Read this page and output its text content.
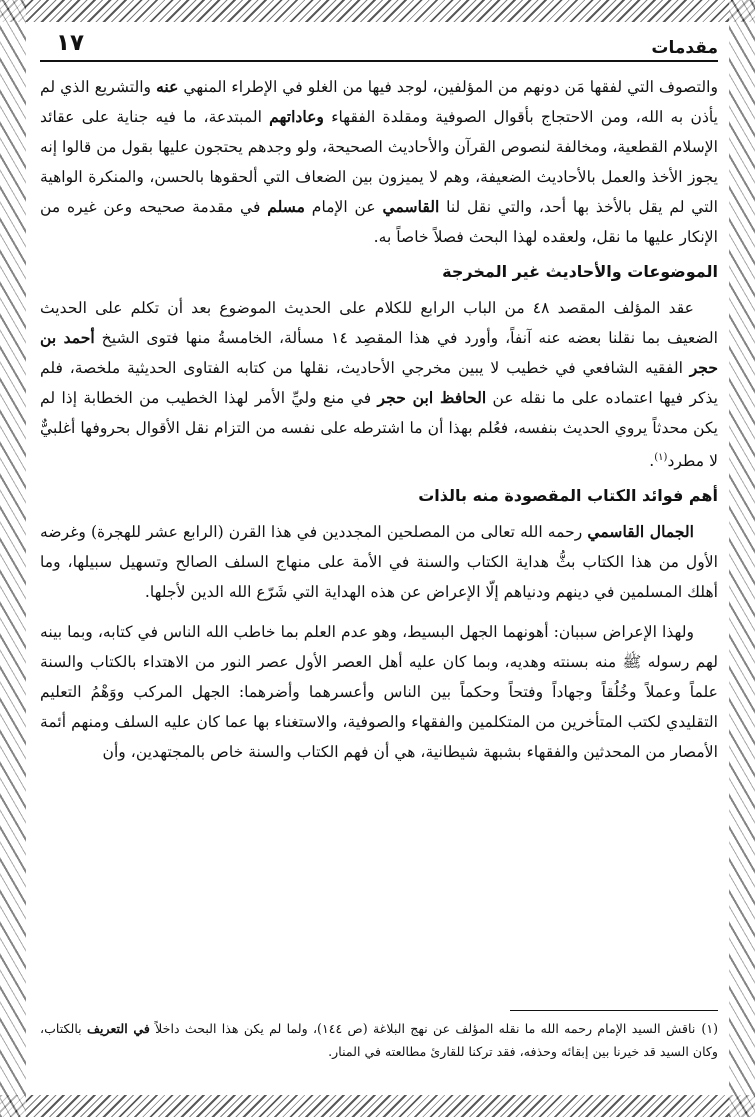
مقدمات
١٧

والتصوف التي لفقها مَن دونهم من المؤلفين، لوجد فيها من الغلو في الإطراء المنهي عنه والتشريع الذي لم يأذن به الله، ومن الاحتجاج بأقوال الصوفية ومقلدة الفقهاء وعاداتهم المبتدعة، ما فيه جناية على عقائد الإسلام القطعية، ومخالفة لنصوص القرآن والأحاديث الصحيحة، ولو وجدهم يحتجون عليها بقول من قالوا إنه يجوز الأخذ والعمل بالأحاديث الضعيفة، وهم لا يميزون بين الضعاف التي ألحقوها بالحسن، والمنكرة الواهية التي لم يقل بالأخذ بها أحد، والتي نقل لنا القاسمي عن الإمام مسلم في مقدمة صحيحه وعن غيره من الإنكار عليها ما نقل، ولعقده لهذا البحث فصلاً خاصاً به.

الموضوعات والأحاديث غير المخرجة

عقد المؤلف المقصد ٤٨ من الباب الرابع للكلام على الحديث الموضوع بعد أن تكلم على الحديث الضعيف بما نقلنا بعضه عنه آنفاً، وأورد في هذا المقصِد ١٤ مسألة، الخامسةُ منها فتوى الشيخ أحمد بن حجر الفقيه الشافعي في خطيب لا يبين مخرجي الأحاديث، نقلها من كتابه الفتاوى الحديثية ملخصة، فلم يذكر فيها اعتماده على ما نقله عن الحافظ ابن حجر في منع وليِّ الأمر لهذا الخطيب من الخطابة إذا لم يكن محدثاً يروي الحديث بنفسه، فعُلم بهذا أن ما اشترطه على نفسه من التزام نقل الأقوال بحروفها أغلبيٌّ لا مطرد$^{(١)}$.

أهم فوائد الكتاب المقصودة منه بالذات

الجمال القاسمي رحمه الله تعالى من المصلحين المجددين في هذا القرن (الرابع عشر للهجرة) وغرضه الأول من هذا الكتاب بثُّ هداية الكتاب والسنة في الأمة على منهاج السلف الصالح وتسهيل سبيلها، وما أهلك المسلمين في دينهم ودنياهم إلّا الإعراض عن هذه الهداية التي شَرّع الله الدين لأجلها.

ولهذا الإعراض سببان: أهونهما الجهل البسيط، وهو عدم العلم بما خاطب الله الناس في كتابه، وبما بينه لهم رسوله ﷺ منه بسنته وهديه، وبما كان عليه أهل العصر الأول عصر النور من الاهتداء بالكتاب والسنة علماً وعملاً وخُلُقاً وجهاداً وفتحاً وحكماً بين الناس وأعسرهما وأضرهما: الجهل المركب ووَهْمُ التعليم التقليدي لكتب المتأخرين من المتكلمين والفقهاء والصوفية، والاستغناء بها عما كان عليه السلف ومنهم أئمة الأمصار من المحدثين والفقهاء بشبهة شيطانية، هي أن فهم الكتاب والسنة خاص بالمجتهدين، وأن

(١)ناقش السيد الإمام رحمه الله ما نقله المؤلف عن نهج البلاغة (ص ١٤٤)، ولما لم يكن هذا البحث داخلاً في التعريف بالكتاب، وكان السيد قد خيرنا بين إبقائه وحذفه، فقد تركنا للقارئ مطالعته في المنار.
